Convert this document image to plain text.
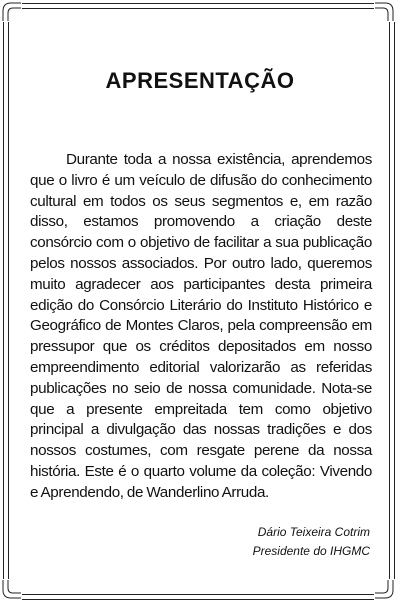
APRESENTAÇÃO

Durante toda a nossa existência, aprendemos que o livro é um veículo de difusão do conhecimento cultural em todos os seus segmentos e, em razão disso, estamos promovendo a criação deste consórcio com o objetivo de facilitar a sua publicação pelos nossos associados. Por outro lado, queremos muito agradecer aos participantes desta primeira edição do Consórcio Literário do Instituto Histórico e Geográfico de Montes Claros, pela compreensão em pressupor que os créditos depositados em nosso empreendimento editorial valorizarão as referidas publicações no seio de nossa comunidade. Nota-se que a presente empreitada tem como objetivo principal a divulgação das nossas tradições e dos nossos costumes, com resgate perene da nossa história. Este é o quarto volume da coleção: Vivendo e Aprendendo, de Wanderlino Arruda.

Dário Teixeira Cotrim
Presidente do IHGMC
